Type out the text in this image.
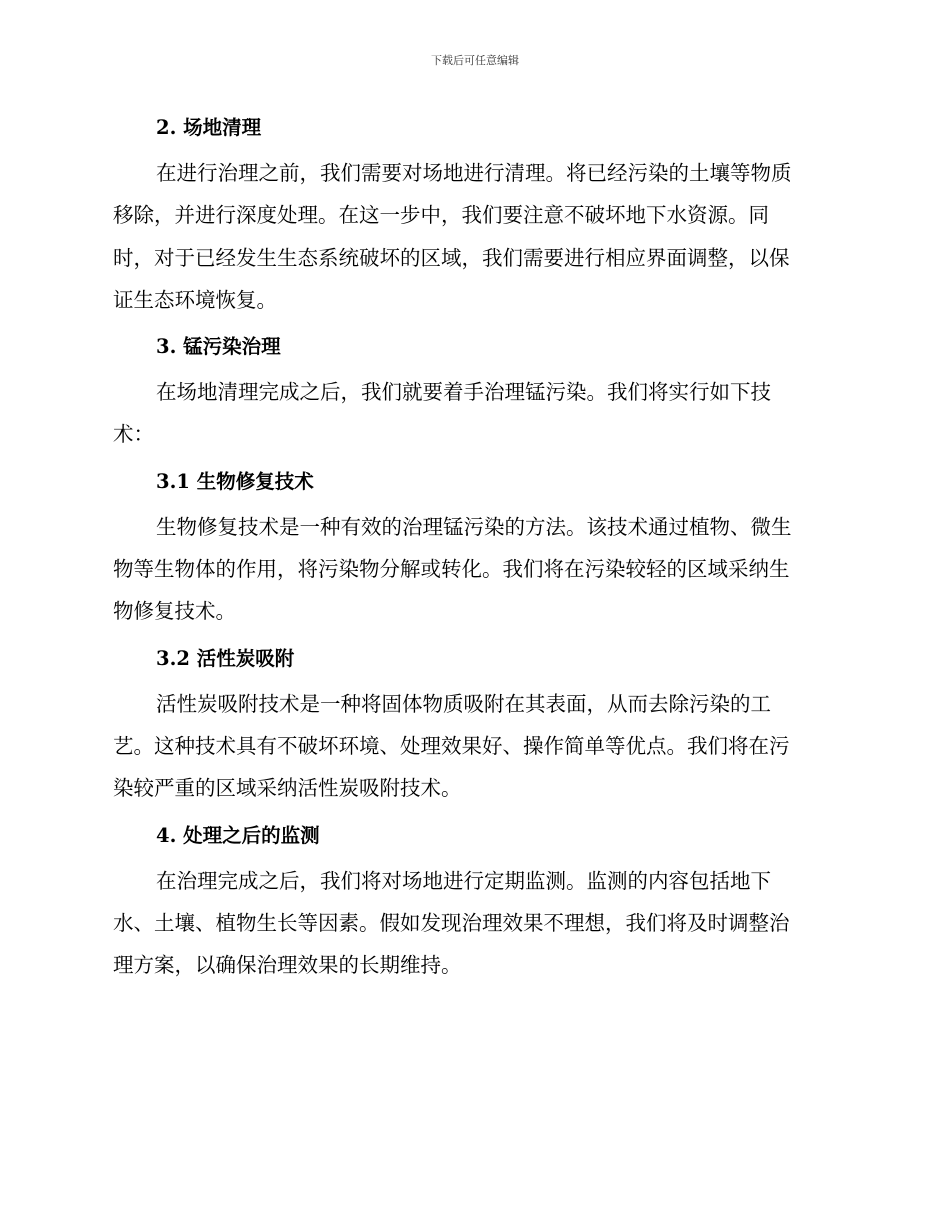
下载后可任意编辑
2. 场地清理

在进行治理之前，我们需要对场地进行清理。将已经污染的土壤等物质
移除，并进行深度处理。在这一步中，我们要注意不破坏地下水资源。同
时，对于已经发生生态系统破坏的区域，我们需要进行相应界面调整，以保
证生态环境恢复。

3. 锰污染治理

在场地清理完成之后，我们就要着手治理锰污染。我们将实行如下技
术：

3.1 生物修复技术

生物修复技术是一种有效的治理锰污染的方法。该技术通过植物、微生
物等生物体的作用，将污染物分解或转化。我们将在污染较轻的区域采纳生
物修复技术。

3.2 活性炭吸附

活性炭吸附技术是一种将固体物质吸附在其表面，从而去除污染的工
艺。这种技术具有不破坏环境、处理效果好、操作简单等优点。我们将在污
染较严重的区域采纳活性炭吸附技术。

4. 处理之后的监测

在治理完成之后，我们将对场地进行定期监测。监测的内容包括地下
水、土壤、植物生长等因素。假如发现治理效果不理想，我们将及时调整治
理方案，以确保治理效果的长期维持。
